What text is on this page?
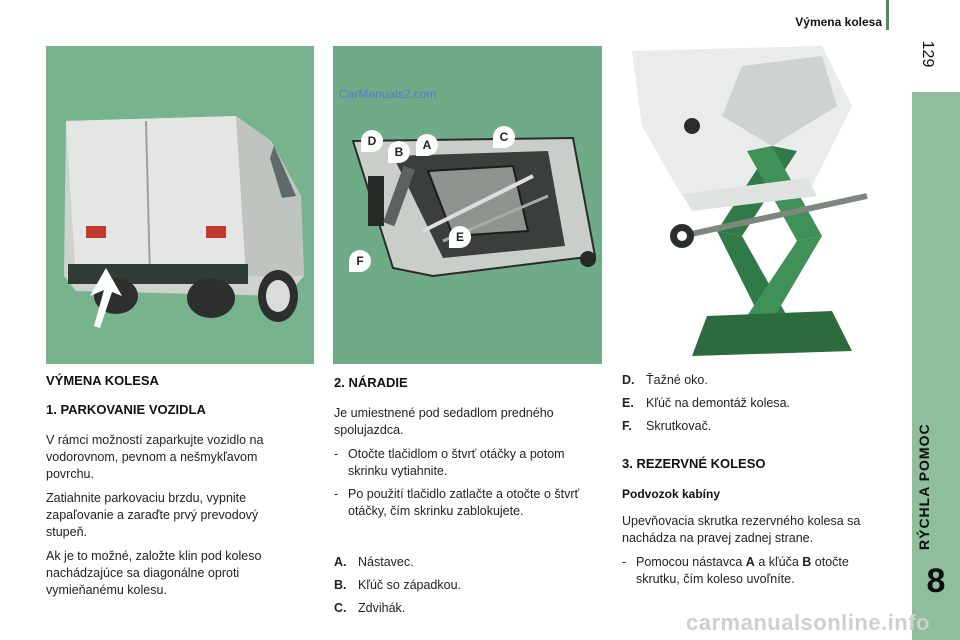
Výmena kolesa
129
RÝCHLA POMOC
8
D
B	A
C
E
F
CarManuals2.com
VÝMENA KOLESA
1. PARKOVANIE VOZIDLA

V rámci možností zaparkujte vozidlo na vodorovnom, pevnom a nešmykľavom povrchu.

Zatiahnite parkovaciu brzdu, vypnite zapaľovanie a zaraďte prvý prevodový stupeň.

Ak je to možné, založte klin pod koleso nachádzajúce sa diagonálne oproti vymieňanému kolesu.

2. NÁRADIE

Je umiestnené pod sedadlom predného spolujazdca.

- Otočte tlačidlom o štvrť otáčky a potom skrinku vytiahnite.
- Po použití tlačidlo zatlačte a otočte o štvrť otáčky, čím skrinku zablokujete.
A. Nástavec.
B. Kľúč so západkou.
C. Zdvihák.
D. Ťažné oko.
E. Kľúč na demontáž kolesa.
F.	Skrutkovač.
3. REZERVNÉ KOLESO
Podvozok kabíny

Upevňovacia skrutka rezervného kolesa sa nachádza na pravej zadnej strane.

- Pomocou nástavca A a kľúča B otočte skrutku, čím koleso uvoľníte.
carmanualsonline.info
